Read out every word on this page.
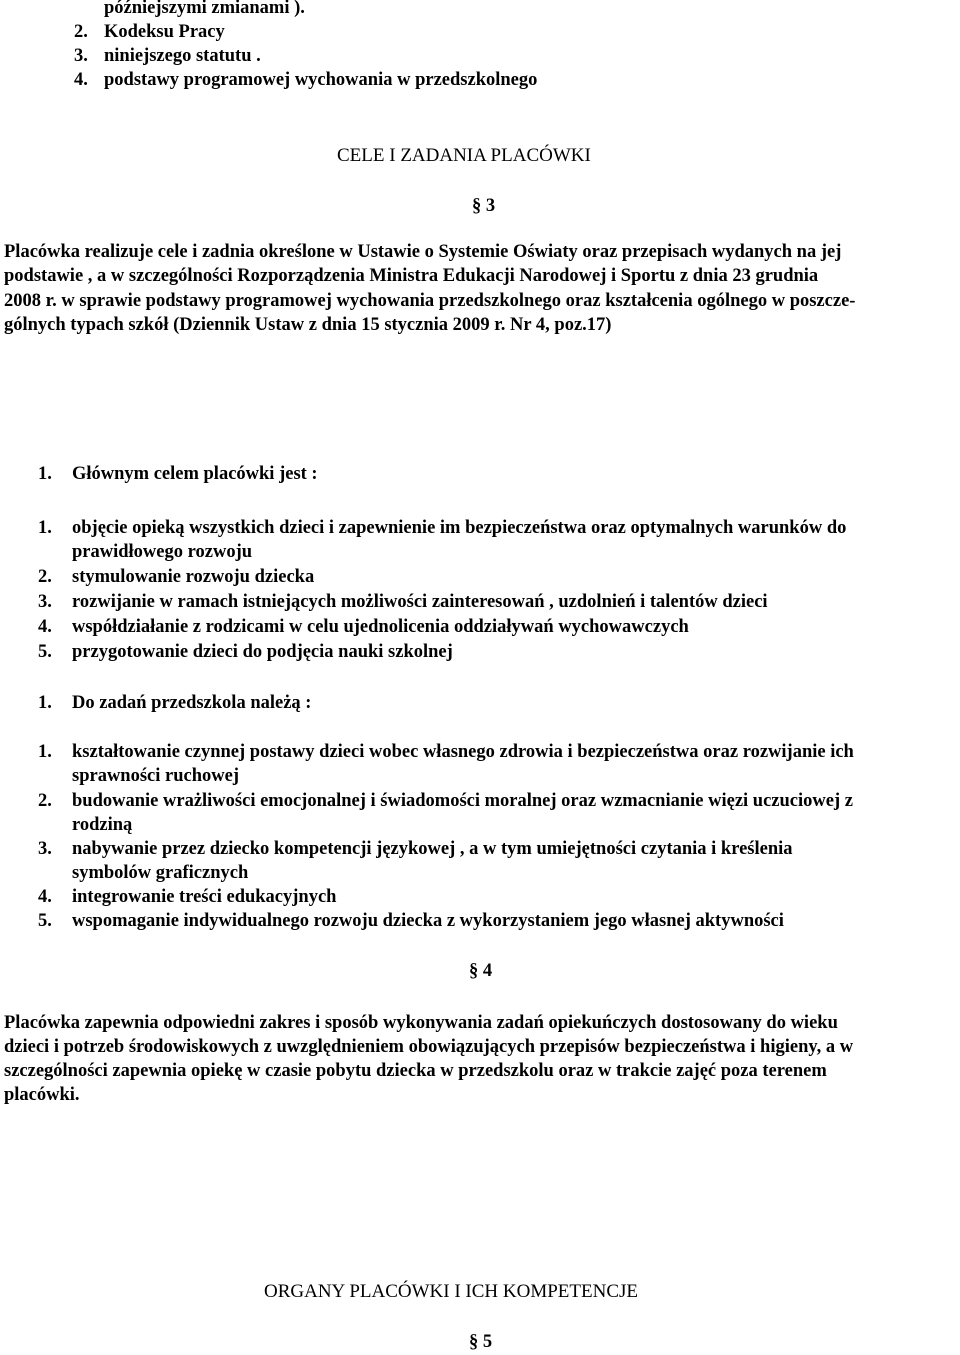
późniejszymi zmianami ).
2. Kodeksu Pracy
3. niniejszego statutu .
4. podstawy programowej wychowania w przedszkolnego
CELE I ZADANIA PLACÓWKI
§ 3
Placówka realizuje cele i zadnia określone w Ustawie o Systemie Oświaty oraz przepisach wydanych na jej
podstawie , a w szczególności Rozporządzenia Ministra Edukacji Narodowej i Sportu z dnia 23 grudnia
2008 r. w sprawie podstawy programowej wychowania przedszkolnego oraz kształcenia ogólnego w poszcze-
gólnych typach szkół (Dziennik Ustaw z dnia 15 stycznia 2009 r. Nr 4, poz.17)
1. Głównym celem placówki jest :
1. objęcie opieką wszystkich dzieci i zapewnienie im bezpieczeństwa oraz optymalnych warunków do
prawidłowego rozwoju
2. stymulowanie rozwoju dziecka
3. rozwijanie w ramach istniejących możliwości zainteresowań , uzdolnień i talentów dzieci
4. współdziałanie z rodzicami w celu ujednolicenia oddziaływań wychowawczych
5. przygotowanie dzieci do podjęcia nauki szkolnej
1. Do zadań przedszkola należą :
1. kształtowanie czynnej postawy dzieci wobec własnego zdrowia i bezpieczeństwa oraz rozwijanie ich
sprawności ruchowej
2. budowanie wrażliwości emocjonalnej i świadomości moralnej oraz wzmacnianie więzi uczuciowej z
rodziną
3. nabywanie przez dziecko kompetencji językowej , a w tym umiejętności czytania i kreślenia
symbolów graficznych
4. integrowanie treści edukacyjnych
5. wspomaganie indywidualnego rozwoju dziecka z wykorzystaniem jego własnej aktywności
§ 4
Placówka zapewnia odpowiedni zakres i sposób wykonywania zadań opiekuńczych dostosowany do wieku
dzieci i potrzeb środowiskowych z uwzględnieniem obowiązujących przepisów bezpieczeństwa i higieny, a w
szczególności zapewnia opiekę w czasie pobytu dziecka w przedszkolu oraz w trakcie zajęć poza terenem
placówki.
ORGANY PLACÓWKI I ICH KOMPETENCJE
§ 5
